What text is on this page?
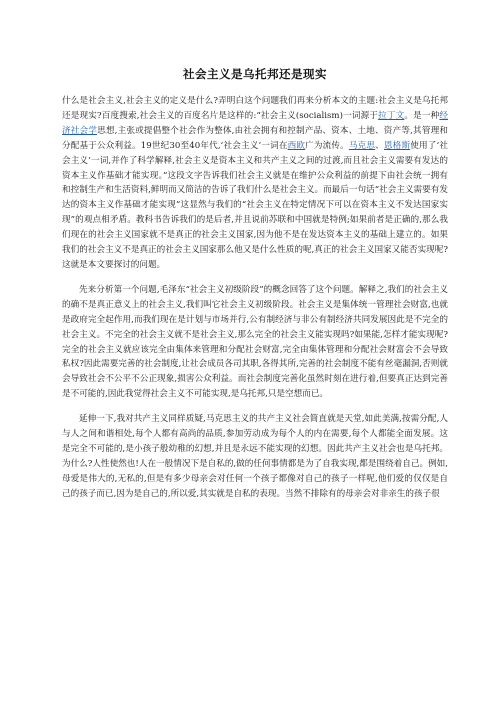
社会主义是乌托邦还是现实

什么是社会主义,社会主义的定义是什么?弄明白这个问题我们再来分析本文的主题:社会主义是乌托邦还是现实?百度搜索,社会主义的百度名片是这样的:“社会主义(socialism)一词源于拉丁文。是一种经济社会学思想,主张或提倡整个社会作为整体,由社会拥有和控制产品、资本、土地、资产等,其管理和分配基于公众利益。19世纪30至40年代,‘社会主义’一词在西欧广为流传。马克思、恩格斯使用了‘社会主义’一词,并作了科学解释,社会主义是资本主义和共产主义之间的过渡,而且社会主义需要有发达的资本主义作基础才能实现。”这段文字告诉我们社会主义就是在维护公众利益的前提下由社会统一拥有和控制生产和生活资料,鲜明而又简洁的告诉了我们什么是社会主义。而最后一句话“社会主义需要有发达的资本主义作基础才能实现”这显然与我们的“社会主义在特定情况下可以在资本主义不发达国家实现”的观点相矛盾。教科书告诉我们的是后者,并且说前苏联和中国就是特例;如果前者是正确的,那么我们现在的社会主义国家就不是真正的社会主义国家,因为他不是在发达资本主义的基础上建立的。如果我们的社会主义不是真正的社会主义国家那么他又是什么性质的呢,真正的社会主义国家又能否实现呢?这就是本文要探讨的问题。

先来分析第一个问题,毛泽东“社会主义初级阶段”的概念回答了这个问题。解释之,我们的社会主义的确不是真正意义上的社会主义,我们叫它社会主义初级阶段。社会主义是集体统一管理社会财富,也就是政府完全起作用,而我们现在是计划与市场并行,公有制经济与非公有制经济共同发展因此是不完全的社会主义。不完全的社会主义就不是社会主义,那么完全的社会主义能实现吗?如果能,怎样才能实现呢?完全的社会主义就应该完全由集体来管理和分配社会财富,完全由集体管理和分配社会财富会不会导致私权?因此需要完善的社会制度,让社会成员各司其职,各得其所,完善的社会制度不能有丝毫漏洞,否则就会导致社会不公平不公正现象,损害公众利益。而社会制度完善化虽然时刻在进行着,但要真正达到完善是不可能的,因此我觉得社会主义不可能实现,是乌托邦,只是空想而已。

延伸一下,我对共产主义同样质疑,马克思主义的共产主义社会简直就是天堂,如此美满,按需分配,人与人之间和谐相处,每个人都有高尚的品质,参加劳动成为每个人的内在需要,每个人都能全面发展。这是完全不可能的,是小孩子般幼稚的幻想,并且是永远不能实现的幻想。因此共产主义社会也是乌托邦。为什么?人性使然也!人在一般情况下是自私的,做的任何事情都是为了自我实现,都是围绕着自己。例如,母爱是伟大的,无私的,但是有多少母亲会对任何一个孩子都像对自己的孩子一样呢,他们爱的仅仅是自己的孩子而已,因为是自己的,所以爱,其实就是自私的表现。当然不排除有的母亲会对非亲生的孩子很
